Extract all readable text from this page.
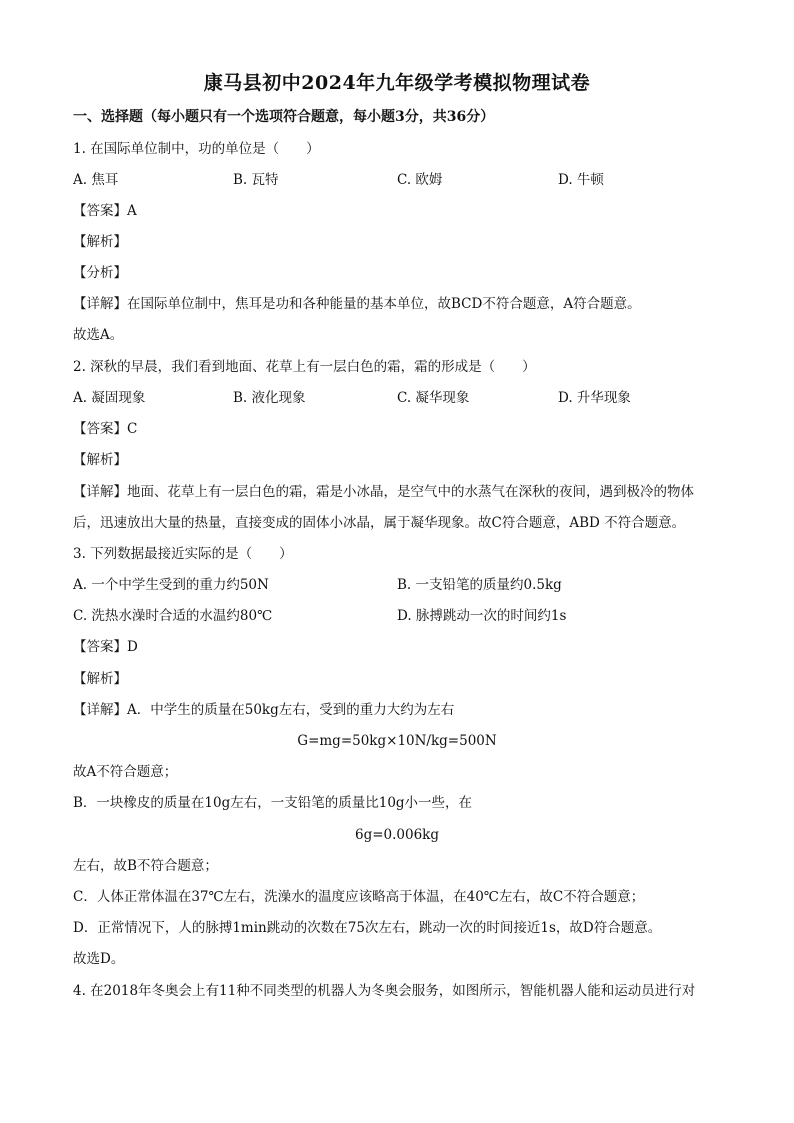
康马县初中2024年九年级学考模拟物理试卷
一、选择题（每小题只有一个选项符合题意，每小题3分，共36分）
1. 在国际单位制中，功的单位是（　　）
A. 焦耳	B. 瓦特	C. 欧姆	D. 牛顿
【答案】A
【解析】
【分析】
【详解】在国际单位制中，焦耳是功和各种能量的基本单位，故BCD不符合题意，A符合题意。
故选A。
2. 深秋的早晨，我们看到地面、花草上有一层白色的霜，霜的形成是（　　）
A. 凝固现象	B. 液化现象	C. 凝华现象	D. 升华现象
【答案】C
【解析】
【详解】地面、花草上有一层白色的霜，霜是小冰晶，是空气中的水蒸气在深秋的夜间，遇到极冷的物体
后，迅速放出大量的热量，直接变成的固体小冰晶，属于凝华现象。故C符合题意，ABD 不符合题意。
3. 下列数据最接近实际的是（　　）
A. 一个中学生受到的重力约50N	B. 一支铅笔的质量约0.5kg
C. 洗热水澡时合适的水温约80℃	D. 脉搏跳动一次的时间约1s
【答案】D
【解析】
【详解】A．中学生的质量在50kg左右，受到的重力大约为左右
G=mg=50kg×10N/kg=500N
故A不符合题意；
B．一块橡皮的质量在10g左右，一支铅笔的质量比10g小一些，在
6g=0.006kg
左右，故B不符合题意；
C．人体正常体温在37℃左右，洗澡水的温度应该略高于体温，在40℃左右，故C不符合题意；
D．正常情况下，人的脉搏1min跳动的次数在75次左右，跳动一次的时间接近1s，故D符合题意。
故选D。
4. 在2018年冬奥会上有11种不同类型的机器人为冬奥会服务，如图所示，智能机器人能和运动员进行对
